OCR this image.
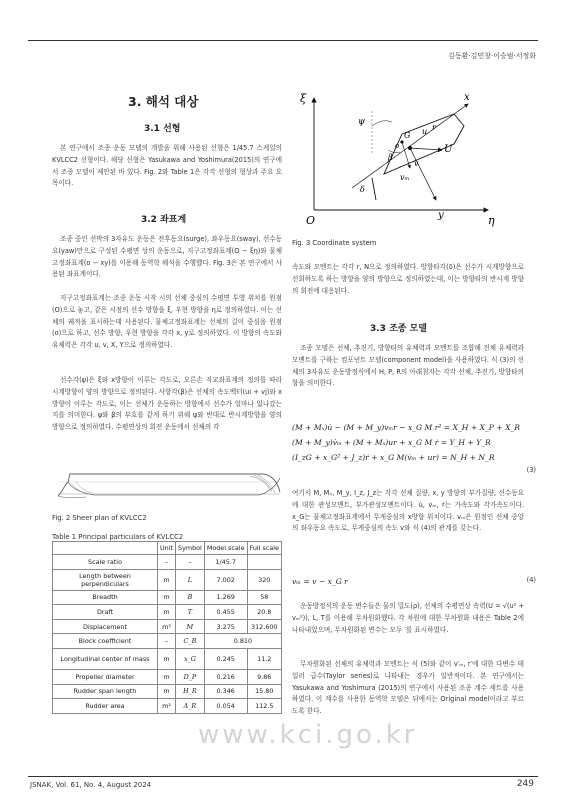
김동환·김민창·이승범·서정화
3. 해석 대상
3.1 선형
본 연구에서 조종 운동 모델의 개발을 위해 사용된 선형은 1/45.7 스케일의 KVLCC2 선형이다. 해당 선형은 Yasukawa and Yoshimura(2015)의 연구에서 조종 모델이 제안된 바 있다. Fig. 2와 Table 1은 각각 선형의 형상과 주요 요목이다.
3.2 좌표계
조종 중인 선박의 3자유도 운동은 전후동요(surge), 좌우동요(sway), 선수동요(yaw)만으로 구성된 수평면 상의 운동으로, 지구고정좌표계(O − ξη)와 물체고정좌표계(o − xy)를 이용해 동역학 해석을 수행했다. Fig. 3은 본 연구에서 사용된 좌표계이다.
지구고정좌표계는 조종 운동 시작 시의 선체 중심의 수평면 투영 위치를 원점(O)으로 놓고, 같은 시점의 선수 방향을 ξ, 우현 방향을 η로 정의하였다. 이는 선체의 궤적을 표시하는데 사용된다. 물체고정좌표계는 선체의 길이 중심을 원점(o)으로 하고, 선수 방향, 우현 방향을 각각 x, y로 정의하였다. 이 방향의 속도와 유체력은 각각 u, v, X, Y으로 정의하였다.
선수각(ψ)은 ξ와 x방향이 이루는 각도로, 오른손 직교좌표계의 정의를 따라 시계방향이 양의 방향으로 정의된다. 사항각(β)은 선체의 속도벡터(ui + vj)와 x방향이 이루는 각도로, 이는 선체가 운동하는 방향에서 선수가 얼마나 었나갔는지를 의미한다. ψ와 β의 부호를 같게 하기 위해 ψ와 반대로 반시계방향을 양의 방향으로 정의하였다. 수평면상의 회전 운동에서 선체의 각
Fig. 2 Sheer plan of KVLCC2
Table 1 Principal particulars of KVLCC2
	Unit	Symbol	Model scale	Full scale
Scale ratio	–	–	1/45.7	
Length between perpendiculars	m	L	7.002	320
Breadth	m	B	1.269	58
Draft	m	T	0.455	20.8
Displacement	m³	M	3.275	312,600
Block coefficient	–	C_B	0.810	
Longitudinal center of mass	m	x_G	0.245	11.2
Propeller diameter	m	D_P	0.216	9.86
Rudder span length	m	H_R	0.346	15.80
Rudder area	m²	A_R	0.054	112.5
ξ
η
O
x
y
G u
U
o
v
vₘ
r
ψ
β
δ
Fig. 3 Coordinate system
속도와 모멘트는 각각 r, N으로 정의하였다. 방향타각(δ)은 선수가 시계방향으로 선회하도록 하는 방향을 양의 방향으로 정의하였는데, 이는 방향타의 반시계 방향의 회전에 대응된다.
3.3 조종 모델
조종 모델은 선체, 추진기, 방향타의 유체력과 모멘트를 조합해 전체 유체력과 모멘트를 구하는 컴포넌트 모델(component model)을 사용하였다. 식 (3)의 선체의 3자유도 운동방정식에서 H, P, R의 아래첨자는 각각 선체, 추진기, 방향타의 항을 의미한다.
(M + Mₓ)u̇ − (M + M_y)vₘr − x_G M r² = X_H + X_P + X_R
(M + M_y)v̇ₘ + (M + Mₓ)ur + x_G M ṙ = Y_H + Y_R
(I_zG + x_G² + J_z)ṙ + x_G M(v̇ₘ + ur) = N_H + N_R
(3)
여기서 M, Mₓ, M_y, I_z, J_z는 각각 선체 질량, x, y 방향의 부가질량, 선수동요에 대한 관성모멘트, 부가관성모멘트이다. u̇, v̇ₘ, ṙ는 가속도와 각가속도이다. x_G는 물체고정좌표계에서 무게중심의 x방향 위치이다. vₘ은 원점인 선체 중앙의 좌우동요 속도로, 무게중심의 속도 v와 식 (4)의 관계를 갖는다.
vₘ = v − x_G r	(4)
운동방정식의 운동 변수들은 물의 밀도(ρ), 선체의 수평면상 속력(U = √(u² + vₘ²)), L, T를 이용해 무차원화했다. 각 차원에 대한 무차원화 내용은 Table 2에 나타내었으며, 무차원화된 변수는 모두 ′를 표시하였다.
무차원화된 선체의 유체력과 모멘트는 식 (5)와 같이 v′ₘ, r′에 대한 다변수 테일러 급수(Taylor series)로 나타내는 경우가 일반적이다. 본 연구에서는 Yasukawa and Yoshimura (2015)의 연구에서 사용된 조종 계수 세트를 사용하였다. 이 계수를 사용한 동역학 모델은 뒤에서는 Original model이라고 부르도록 한다.
www.kci.go.kr
JSNAK, Vol. 61, No. 4, August 2024	249
